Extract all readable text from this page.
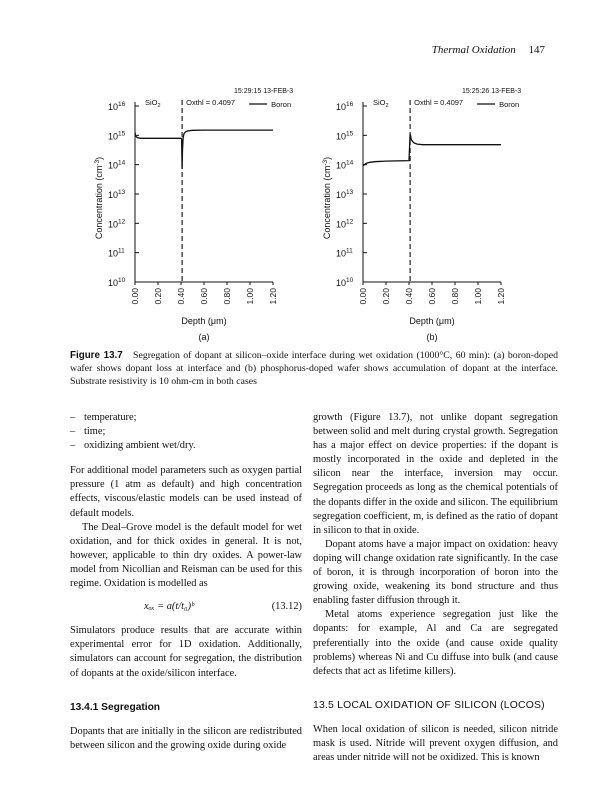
Thermal Oxidation 147
$10^{10}$
$10^{11}$
$10^{12}$
$10^{13}$
$10^{14}$
$10^{15}$
$10^{16}$
0.00 0.20 0.40 0.60 0.80 1.00 1.20
15:29:15 13-FEB-3
SiO$_2$	Oxthl = 0.4097	Boron
Depth (μm)
Concentration $(cm^{-3})$
(a)
$10^{10}$
$10^{11}$
$10^{12}$
$10^{13}$
$10^{14}$
$10^{15}$
$10^{16}$
0.00 0.20 0.40 0.60 0.80 1.00 1.20
15:25:26 13-FEB-3
SiO$_2$	Oxthl = 0.4097	Boron
Depth (μm)
Concentration $(cm^{-3})$
(b)
Figure 13.7 Segregation of dopant at silicon–oxide interface during wet oxidation (1000°C, 60 min): (a) boron-doped wafer shows dopant loss at interface and (b) phosphorus-doped wafer shows accumulation of dopant at the interface. Substrate resistivity is 10 ohm-cm in both cases
– temperature;
– time;
– oxidizing ambient wet/dry.

For additional model parameters such as oxygen partial pressure (1 atm as default) and high concentration effects, viscous/elastic models can be used instead of default models.

The Deal–Grove model is the default model for wet oxidation, and for thick oxides in general. It is not, however, applicable to thin dry oxides. A power-law model from Nicollian and Reisman can be used for this regime. Oxidation is modelled as

xₒₓ = a(t/t₀)ᵇ	(13.12)

Simulators produce results that are accurate within experimental error for 1D oxidation. Additionally, simulators can account for segregation, the distribution of dopants at the oxide/silicon interface.

13.4.1 Segregation

Dopants that are initially in the silicon are redistributed between silicon and the growing oxide during oxide

growth (Figure 13.7), not unlike dopant segregation between solid and melt during crystal growth. Segregation has a major effect on device properties: if the dopant is mostly incorporated in the oxide and depleted in the silicon near the interface, inversion may occur. Segregation proceeds as long as the chemical potentials of the dopants differ in the oxide and silicon. The equilibrium segregation coefficient, m, is defined as the ratio of dopant in silicon to that in oxide.

Dopant atoms have a major impact on oxidation: heavy doping will change oxidation rate significantly. In the case of boron, it is through incorporation of boron into the growing oxide, weakening its bond structure and thus enabling faster diffusion through it.

Metal atoms experience segregation just like the dopants: for example, Al and Ca are segregated preferentially into the oxide (and cause oxide quality problems) whereas Ni and Cu diffuse into bulk (and cause defects that act as lifetime killers).

13.5 LOCAL OXIDATION OF SILICON (LOCOS)

When local oxidation of silicon is needed, silicon nitride mask is used. Nitride will prevent oxygen diffusion, and areas under nitride will not be oxidized. This is known
